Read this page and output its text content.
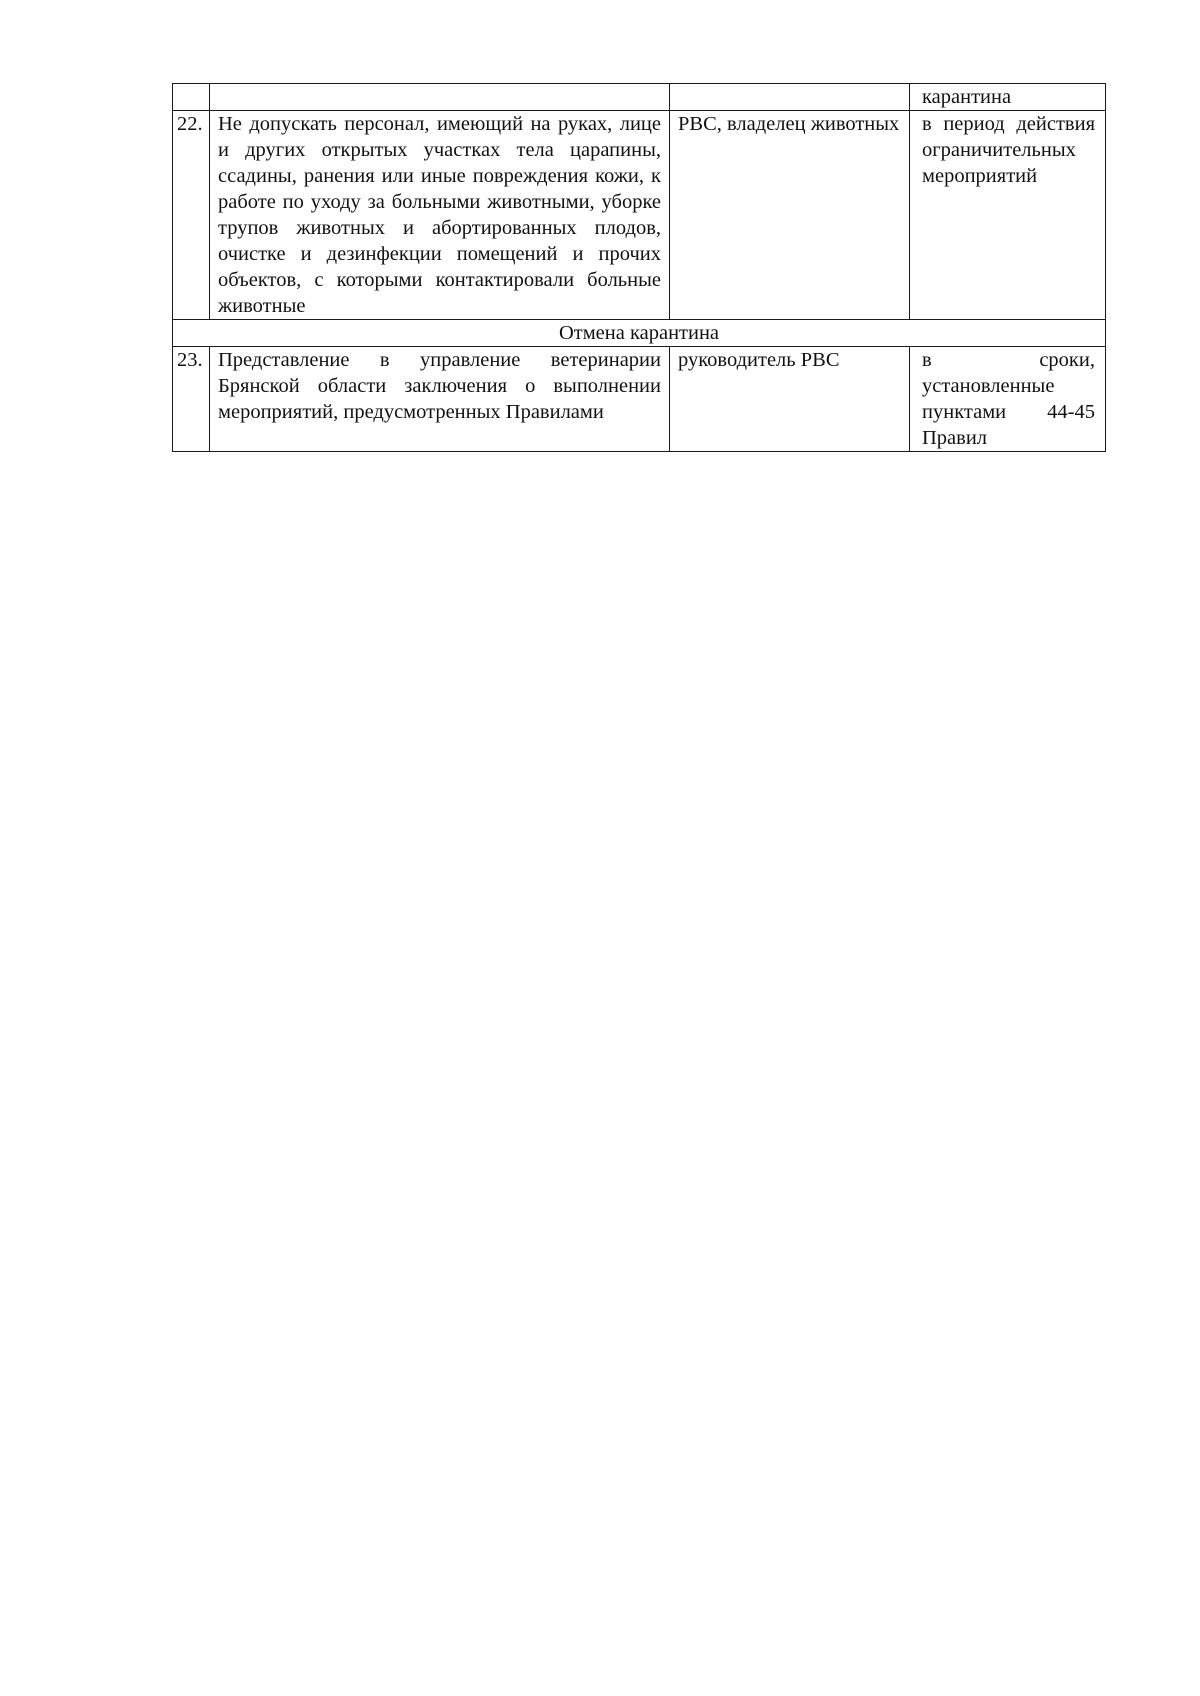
			карантина
22.	Не допускать персонал, имеющий на руках, лице и других открытых участках тела царапины, ссадины, ранения или иные повреждения кожи, к работе по уходу за больными животными, уборке трупов животных и абортированных плодов, очистке и дезинфекции помещений и прочих объектов, с которыми контактировали больные животные	РВС, владелец животных	в период действия ограничительных мероприятий
Отмена карантина			
23.	Представление в управление ветеринарии Брянской области заключения о выполнении мероприятий, предусмотренных Правилами	руководитель РВС	в сроки, установленные пунктами 44-45 Правил
